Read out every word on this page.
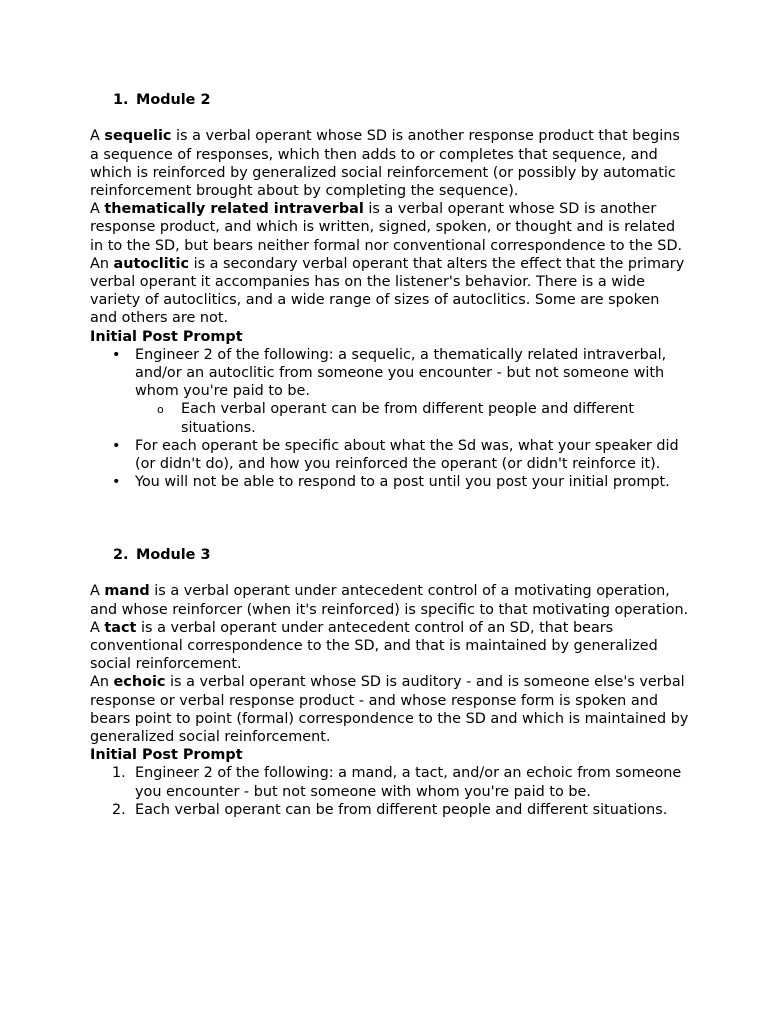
1. Module 2

A sequelic is a verbal operant whose SD is another response product that begins a sequence of responses, which then adds to or completes that sequence, and which is reinforced by generalized social reinforcement (or possibly by automatic reinforcement brought about by completing the sequence).

A thematically related intraverbal is a verbal operant whose SD is another response product, and which is written, signed, spoken, or thought and is related in to the SD, but bears neither formal nor conventional correspondence to the SD.

An autoclitic is a secondary verbal operant that alters the effect that the primary verbal operant it accompanies has on the listener's behavior. There is a wide variety of autoclitics, and a wide range of sizes of autoclitics. Some are spoken and others are not.

Initial Post Prompt
• Engineer 2 of the following: a sequelic, a thematically related intraverbal, and/or an autoclitic from someone you encounter - but not someone with whom you're paid to be.
o Each verbal operant can be from different people and different situations.
• For each operant be specific about what the Sd was, what your speaker did (or didn't do), and how you reinforced the operant (or didn't reinforce it).
• You will not be able to respond to a post until you post your initial prompt.
2. Module 3

A mand is a verbal operant under antecedent control of a motivating operation, and whose reinforcer (when it's reinforced) is specific to that motivating operation.

A tact is a verbal operant under antecedent control of an SD, that bears conventional correspondence to the SD, and that is maintained by generalized social reinforcement.

An echoic is a verbal operant whose SD is auditory - and is someone else's verbal response or verbal response product - and whose response form is spoken and bears point to point (formal) correspondence to the SD and which is maintained by generalized social reinforcement.

Initial Post Prompt
1. Engineer 2 of the following: a mand, a tact, and/or an echoic from someone you encounter - but not someone with whom you're paid to be.
2. Each verbal operant can be from different people and different situations.
